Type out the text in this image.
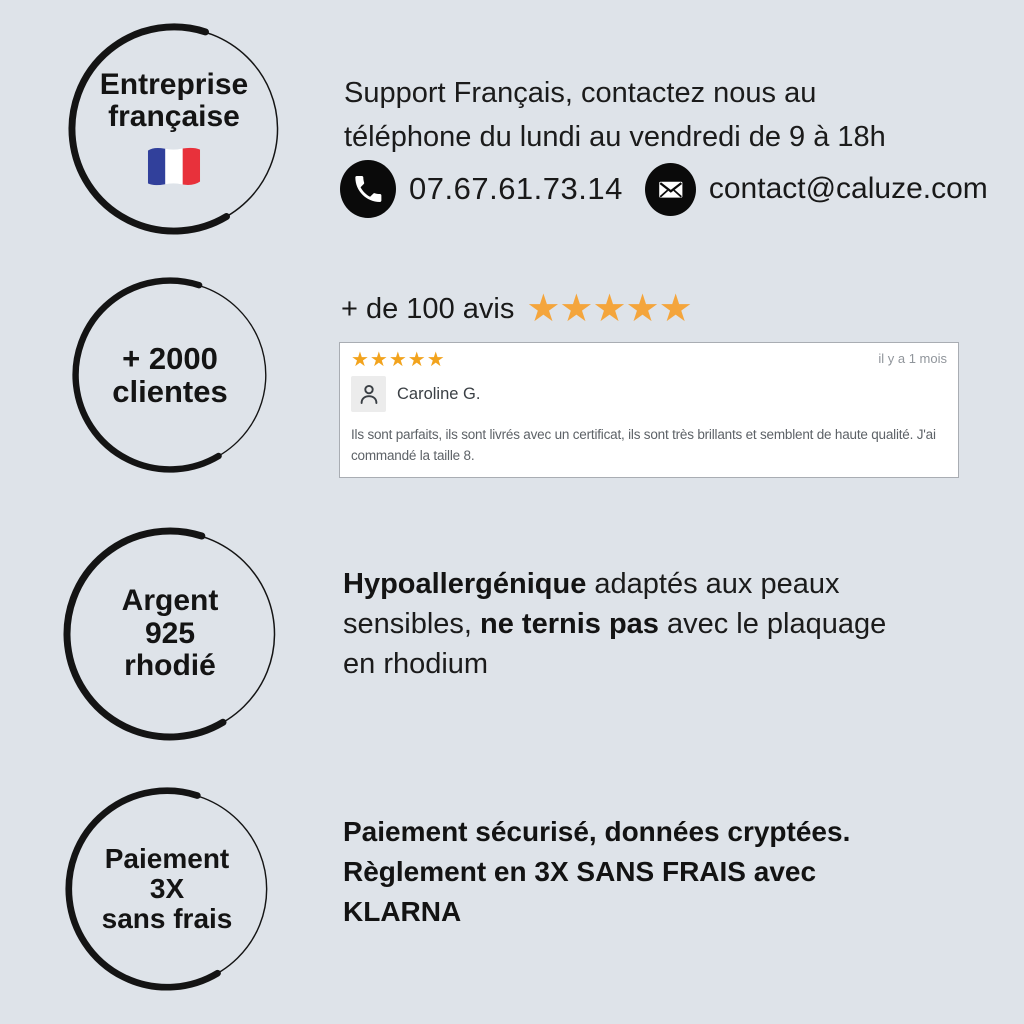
Entreprise
française
Support Français, contactez nous au
téléphone du lundi au vendredi de 9 à 18h
07.67.61.73.14	contact@caluze.com
+ 2000
clientes
+ de 100 avis ★★★★★
★★★★★	il y a 1 mois
Caroline G.
Ils sont parfaits, ils sont livrés avec un certificat, ils sont très brillants et semblent de haute qualité. J'ai commandé la taille 8.
Argent
925
rhodié
Hypoallergénique adaptés aux peaux sensibles, ne ternis pas avec le plaquage en rhodium
Paiement
3X
sans frais
Paiement sécurisé, données cryptées.
Règlement en 3X SANS FRAIS avec
KLARNA
